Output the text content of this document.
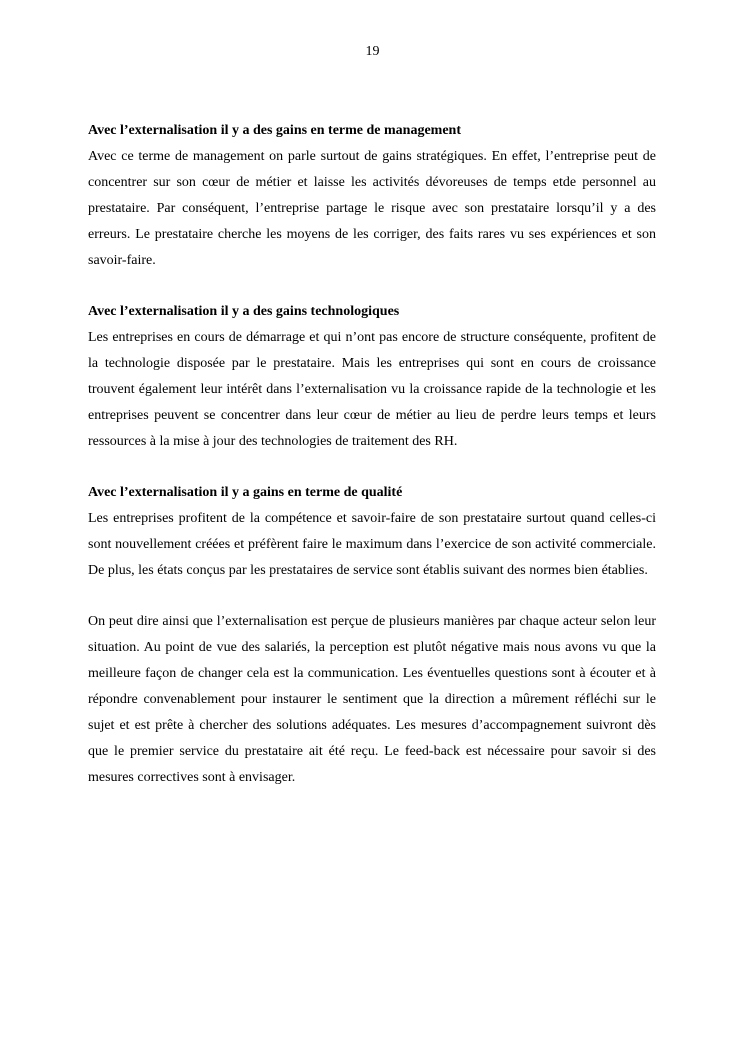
19

Avec l’externalisation il y a des gains en terme de management

Avec ce terme de management on parle surtout de gains stratégiques. En effet, l’entreprise peut de concentrer sur son cœur de métier et laisse les activités dévoreuses de temps etde personnel au prestataire. Par conséquent, l’entreprise partage le risque avec son prestataire lorsqu’il y a des erreurs. Le prestataire cherche les moyens de les corriger, des faits rares vu ses expériences et son savoir-faire.

Avec l’externalisation il y a des gains technologiques

Les entreprises en cours de démarrage et qui n’ont pas encore de structure conséquente, profitent de la technologie disposée par le prestataire. Mais les entreprises qui sont en cours de croissance trouvent également leur intérêt dans l’externalisation vu la croissance rapide de la technologie et les entreprises peuvent se concentrer dans leur cœur de métier au lieu de perdre leurs temps et leurs ressources à la mise à jour des technologies de traitement des RH.

Avec l’externalisation il y a gains en terme de qualité

Les entreprises profitent de la compétence et savoir-faire de son prestataire surtout quand celles-ci sont nouvellement créées et préfèrent faire le maximum dans l’exercice de son activité commerciale. De plus, les états conçus par les prestataires de service sont établis suivant des normes bien établies.

On peut dire ainsi que l’externalisation est perçue de plusieurs manières par chaque acteur selon leur situation. Au point de vue des salariés, la perception est plutôt négative mais nous avons vu que la meilleure façon de changer cela est la communication. Les éventuelles questions sont à écouter et à répondre convenablement pour instaurer le sentiment que la direction a mûrement réfléchi sur le sujet et est prête à chercher des solutions adéquates. Les mesures d’accompagnement suivront dès que le premier service du prestataire ait été reçu. Le feed-back est nécessaire pour savoir si des mesures correctives sont à envisager.
